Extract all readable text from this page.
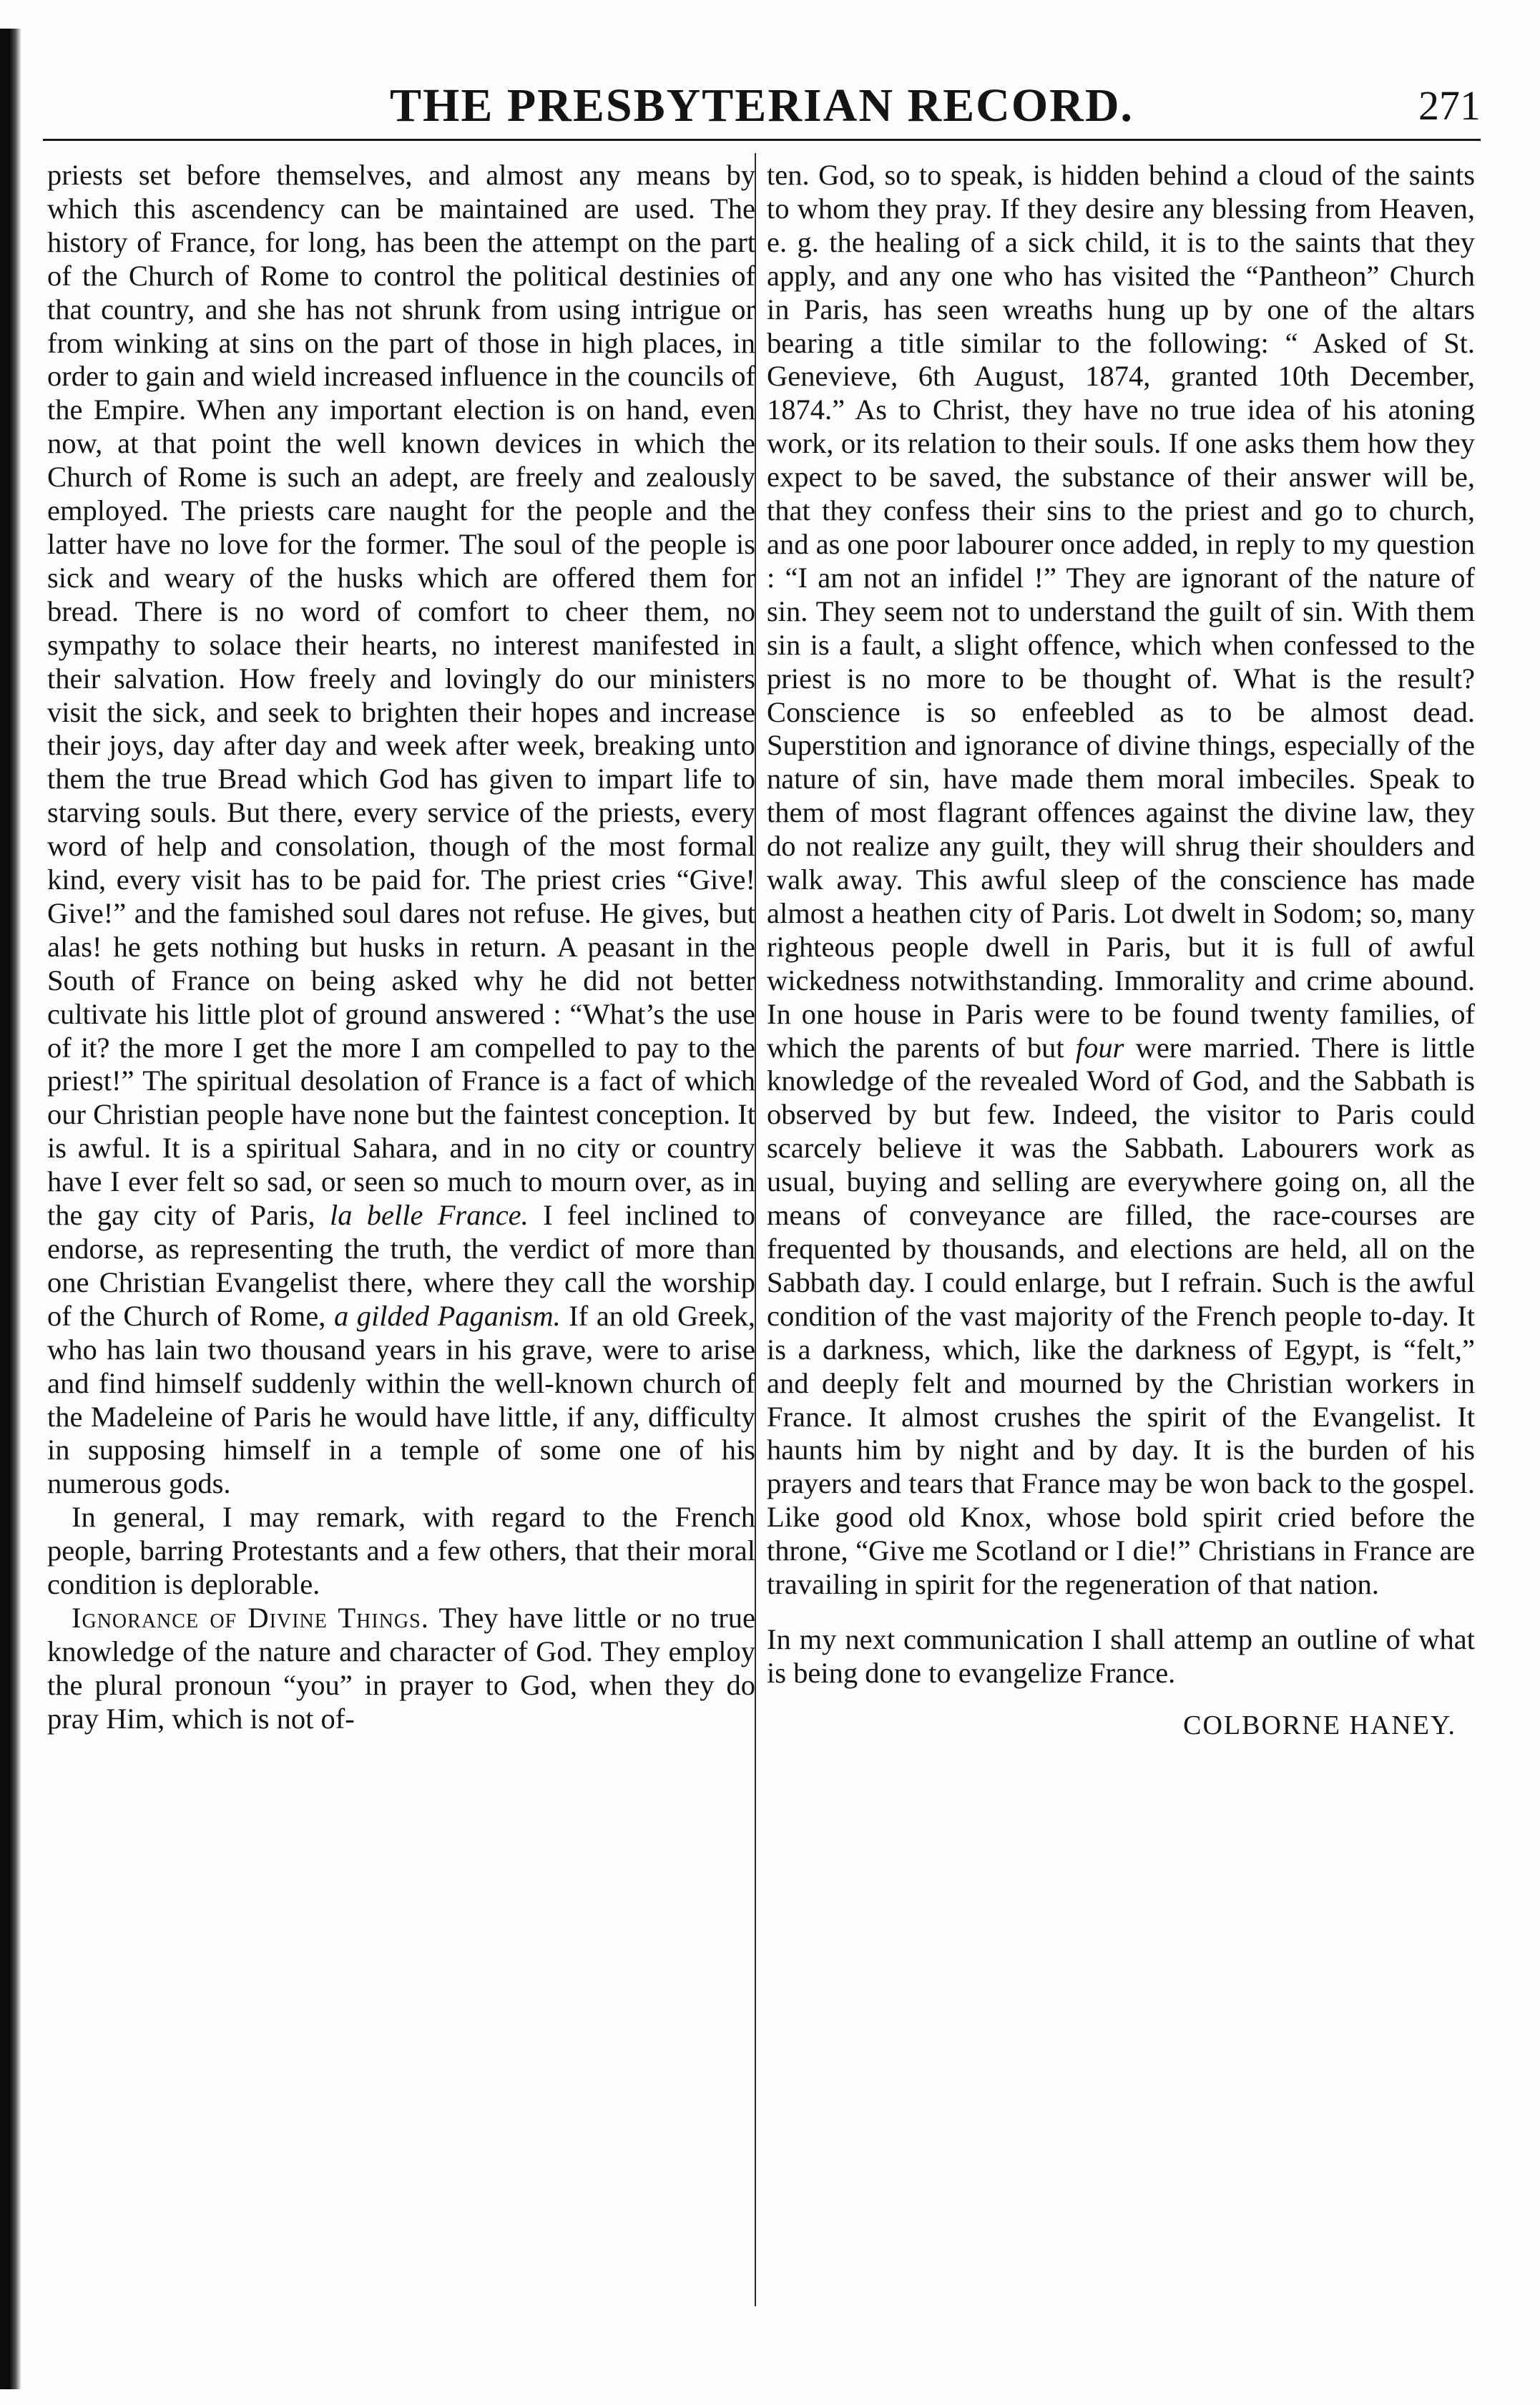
THE PRESBYTERIAN RECORD.	271

priests set before themselves, and almost any means by which this ascendency can be maintained are used. The history of France, for long, has been the attempt on the part of the Church of Rome to control the political destinies of that country, and she has not shrunk from using intrigue or from winking at sins on the part of those in high places, in order to gain and wield increased influence in the councils of the Empire. When any important election is on hand, even now, at that point the well known devices in which the Church of Rome is such an adept, are freely and zealously employed. The priests care naught for the people and the latter have no love for the former. The soul of the people is sick and weary of the husks which are offered them for bread. There is no word of comfort to cheer them, no sympathy to solace their hearts, no interest manifested in their salvation. How freely and lovingly do our ministers visit the sick, and seek to brighten their hopes and increase their joys, day after day and week after week, breaking unto them the true Bread which God has given to impart life to starving souls. But there, every service of the priests, every word of help and consolation, though of the most formal kind, every visit has to be paid for. The priest cries “Give! Give!” and the famished soul dares not refuse. He gives, but alas! he gets nothing but husks in return. A peasant in the South of France on being asked why he did not better cultivate his little plot of ground answered : “What’s the use of it? the more I get the more I am compelled to pay to the priest!” The spiritual desolation of France is a fact of which our Christian people have none but the faintest conception. It is awful. It is a spiritual Sahara, and in no city or country have I ever felt so sad, or seen so much to mourn over, as in the gay city of Paris, la belle France. I feel inclined to endorse, as representing the truth, the verdict of more than one Christian Evangelist there, where they call the worship of the Church of Rome, a gilded Paganism. If an old Greek, who has lain two thousand years in his grave, were to arise and find himself suddenly within the well-known church of the Madeleine of Paris he would have little, if any, difficulty in supposing himself in a temple of some one of his numerous gods.

In general, I may remark, with regard to the French people, barring Protestants and a few others, that their moral condition is deplorable.

Ignorance of Divine Things. They have little or no true knowledge of the nature and character of God. They employ the plural pronoun “you” in prayer to God, when they do pray Him, which is not of-

ten. God, so to speak, is hidden behind a cloud of the saints to whom they pray. If they desire any blessing from Heaven, e. g. the healing of a sick child, it is to the saints that they apply, and any one who has visited the “Pantheon” Church in Paris, has seen wreaths hung up by one of the altars bearing a title similar to the following: “ Asked of St. Genevieve, 6th August, 1874, granted 10th December, 1874.” As to Christ, they have no true idea of his atoning work, or its relation to their souls. If one asks them how they expect to be saved, the substance of their answer will be, that they confess their sins to the priest and go to church, and as one poor labourer once added, in reply to my question : “I am not an infidel !” They are ignorant of the nature of sin. They seem not to understand the guilt of sin. With them sin is a fault, a slight offence, which when confessed to the priest is no more to be thought of. What is the result? Conscience is so enfeebled as to be almost dead. Superstition and ignorance of divine things, especially of the nature of sin, have made them moral imbeciles. Speak to them of most flagrant offences against the divine law, they do not realize any guilt, they will shrug their shoulders and walk away. This awful sleep of the conscience has made almost a heathen city of Paris. Lot dwelt in Sodom; so, many righteous people dwell in Paris, but it is full of awful wickedness notwithstanding. Immorality and crime abound. In one house in Paris were to be found twenty families, of which the parents of but four were married. There is little knowledge of the revealed Word of God, and the Sabbath is observed by but few. Indeed, the visitor to Paris could scarcely believe it was the Sabbath. Labourers work as usual, buying and selling are everywhere going on, all the means of conveyance are filled, the race-courses are frequented by thousands, and elections are held, all on the Sabbath day. I could enlarge, but I refrain. Such is the awful condition of the vast majority of the French people to-day. It is a darkness, which, like the darkness of Egypt, is “felt,” and deeply felt and mourned by the Christian workers in France. It almost crushes the spirit of the Evangelist. It haunts him by night and by day. It is the burden of his prayers and tears that France may be won back to the gospel. Like good old Knox, whose bold spirit cried before the throne, “Give me Scotland or I die!” Christians in France are travailing in spirit for the regeneration of that nation.

In my next communication I shall attemp an outline of what is being done to evangelize France.

COLBORNE HANEY.
